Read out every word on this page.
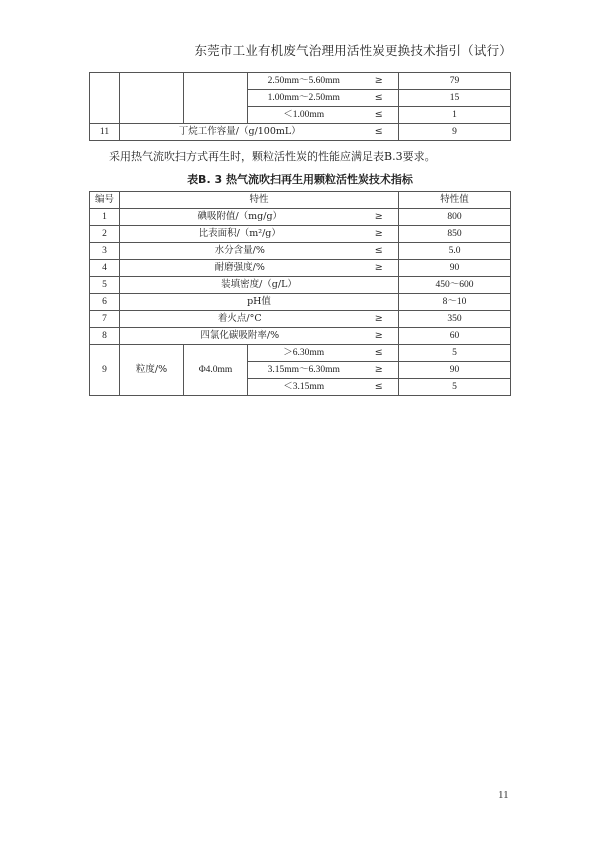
东莞市工业有机废气治理用活性炭更换技术指引（试行）
			2.50mm～5.60mm	≥	79
			1.00mm～2.50mm	≤	15
			＜1.00mm	≤	1
11	丁烷工作容量/（g/100mL）			≤	9
采用热气流吹扫方式再生时，颗粒活性炭的性能应满足表B.3要求。
表B. 3 热气流吹扫再生用颗粒活性炭技术指标
编号	特性				特性值
1	碘吸附值/（mg/g）			≥	800
2	比表面积/（m²/g）			≥	850
3	水分含量/%			≤	5.0
4	耐磨强度/%			≥	90
5	装填密度/（g/L）				450～600
6	pH值				8～10
7	着火点/°C			≥	350
8	四氯化碳吸附率/%			≥	60
9	粒度/%	Φ4.0mm	＞6.30mm	≤	5
			3.15mm～6.30mm	≥	90
			＜3.15mm	≤	5
11
